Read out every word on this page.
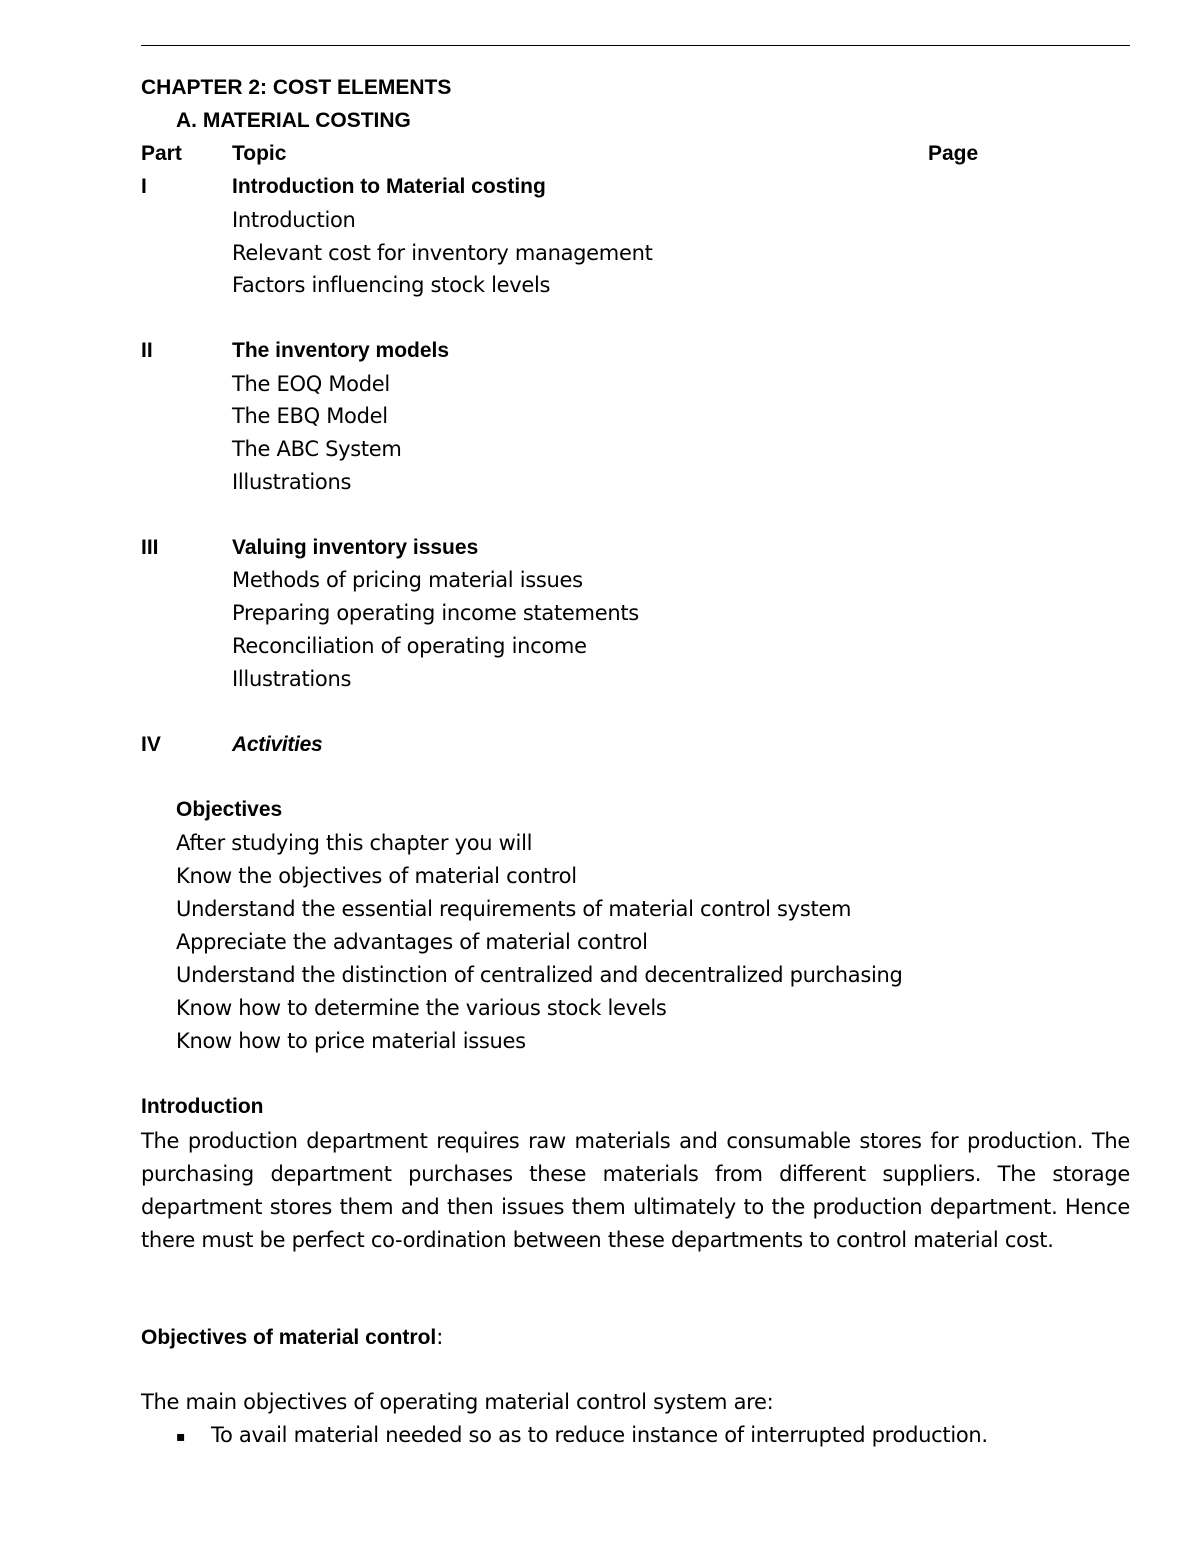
CHAPTER 2: COST ELEMENTS
A. MATERIAL COSTING
Part Topic	Page
I	Introduction to Material costing
Introduction
Relevant cost for inventory management
Factors influencing stock levels
II	The inventory models
The EOQ Model
The EBQ Model
The ABC System
Illustrations
III	Valuing inventory issues
Methods of pricing material issues
Preparing operating income statements
Reconciliation of operating income
Illustrations
IV	Activities
Objectives
After studying this chapter you will
Know the objectives of material control
Understand the essential requirements of material control system
Appreciate the advantages of material control
Understand the distinction of centralized and decentralized purchasing
Know how to determine the various stock levels
Know how to price material issues
Introduction
The production department requires raw materials and consumable stores for production. The purchasing department purchases these materials from different suppliers. The storage department stores them and then issues them ultimately to the production department. Hence there must be perfect co-ordination between these departments to control material cost.
Objectives of material control:
The main objectives of operating material control system are:
▪ To avail material needed so as to reduce instance of interrupted production.
